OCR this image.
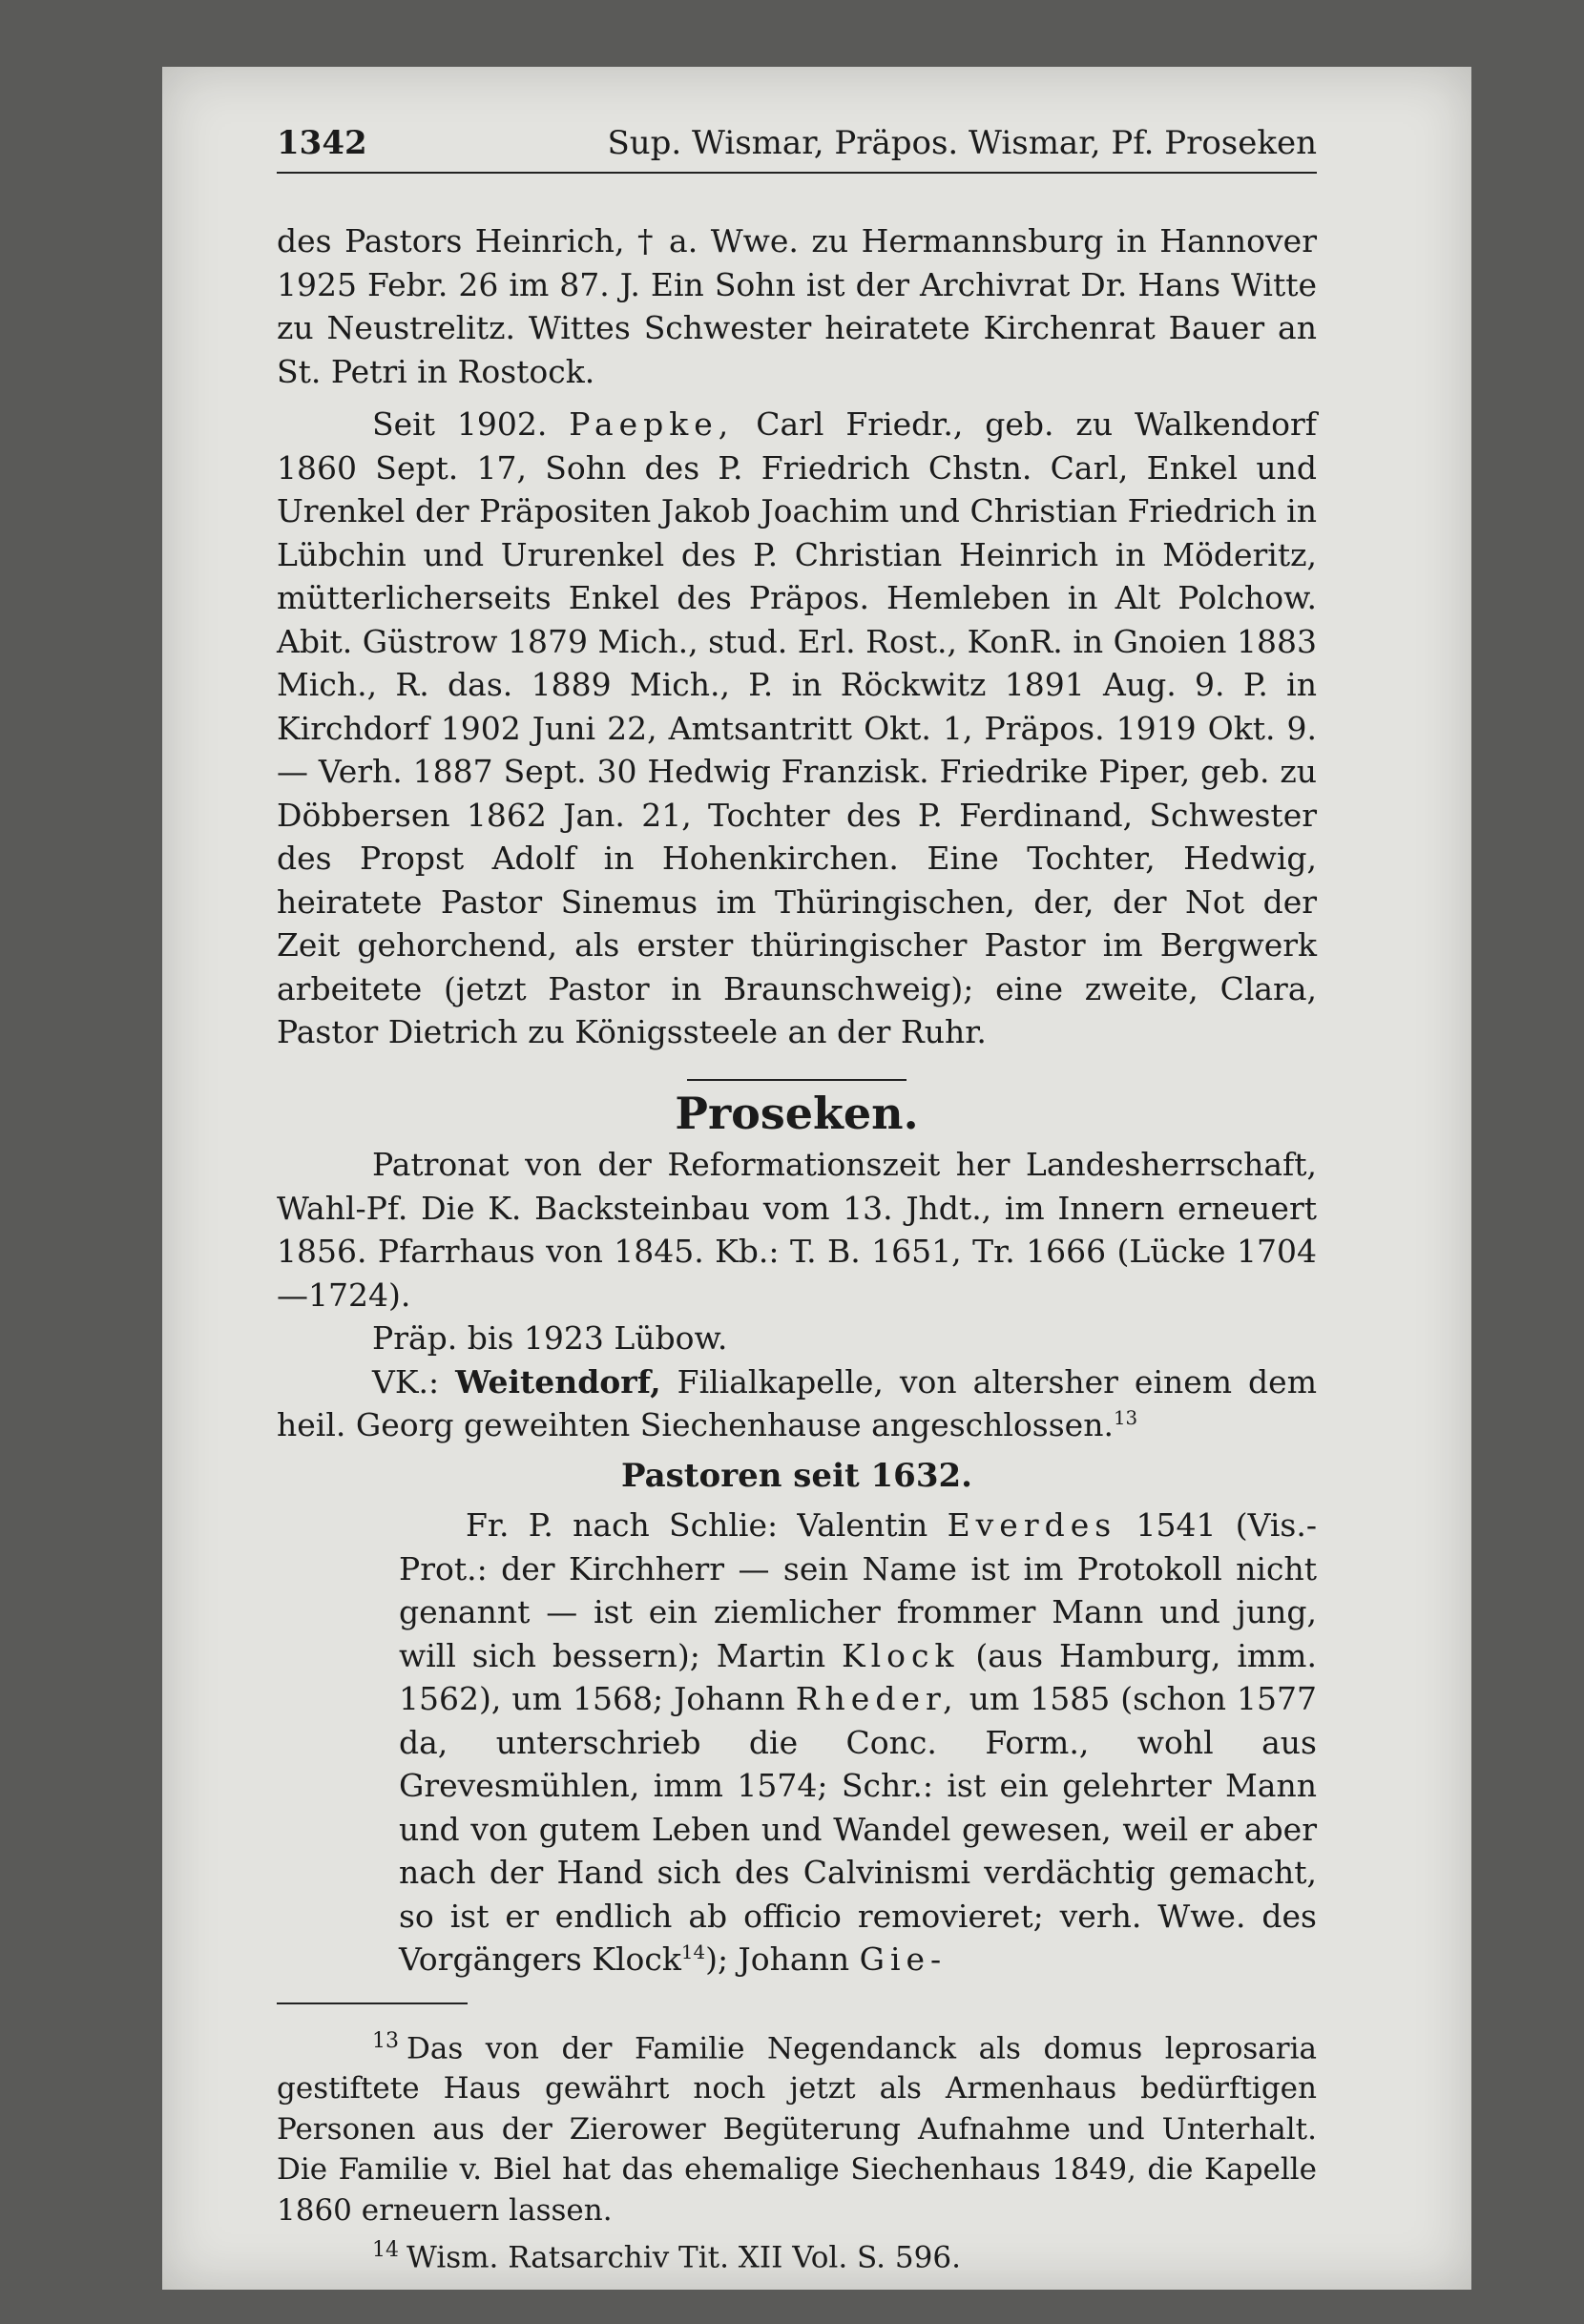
1342	Sup. Wismar, Präpos. Wismar, Pf. Proseken

des Pastors Heinrich, † a. Wwe. zu Hermannsburg in Hannover 1925 Febr. 26 im 87. J. Ein Sohn ist der Archivrat Dr. Hans Witte zu Neustrelitz. Wittes Schwester heiratete Kirchenrat Bauer an St. Petri in Rostock.

Seit 1902. Paepke, Carl Friedr., geb. zu Walkendorf 1860 Sept. 17, Sohn des P. Friedrich Chstn. Carl, Enkel und Urenkel der Präpositen Jakob Joachim und Christian Friedrich in Lübchin und Ururenkel des P. Christian Heinrich in Möderitz, mütterlicherseits Enkel des Präpos. Hemleben in Alt Polchow. Abit. Güstrow 1879 Mich., stud. Erl. Rost., KonR. in Gnoien 1883 Mich., R. das. 1889 Mich., P. in Röckwitz 1891 Aug. 9. P. in Kirchdorf 1902 Juni 22, Amtsantritt Okt. 1, Präpos. 1919 Okt. 9. — Verh. 1887 Sept. 30 Hedwig Franzisk. Friedrike Piper, geb. zu Döbbersen 1862 Jan. 21, Tochter des P. Ferdinand, Schwester des Propst Adolf in Hohenkirchen. Eine Tochter, Hedwig, heiratete Pastor Sinemus im Thüringischen, der, der Not der Zeit gehorchend, als erster thüringischer Pastor im Bergwerk arbeitete (jetzt Pastor in Braunschweig); eine zweite, Clara, Pastor Dietrich zu Königssteele an der Ruhr.

Proseken.

Patronat von der Reformationszeit her Landesherrschaft, Wahl-Pf. Die K. Backsteinbau vom 13. Jhdt., im Innern erneuert 1856. Pfarrhaus von 1845. Kb.: T. B. 1651, Tr. 1666 (Lücke 1704—1724).

Präp. bis 1923 Lübow.

VK.: Weitendorf, Filialkapelle, von altersher einem dem heil. Georg geweihten Siechenhause angeschlossen.$^{13}$

Pastoren seit 1632.

Fr. P. nach Schlie: Valentin Everdes 1541 (Vis.-Prot.: der Kirchherr — sein Name ist im Protokoll nicht genannt — ist ein ziemlicher frommer Mann und jung, will sich bessern); Martin Klock (aus Hamburg, imm. 1562), um 1568; Johann Rheder, um 1585 (schon 1577 da, unterschrieb die Conc. Form., wohl aus Grevesmühlen, imm 1574; Schr.: ist ein gelehrter Mann und von gutem Leben und Wandel gewesen, weil er aber nach der Hand sich des Calvinismi verdächtig gemacht, so ist er endlich ab officio removieret; verh. Wwe. des Vorgängers Klock$^{14}$); Johann Gie-

$^{13}$ Das von der Familie Negendanck als domus leprosaria gestiftete Haus gewährt noch jetzt als Armenhaus bedürftigen Personen aus der Zierower Begüterung Aufnahme und Unterhalt. Die Familie v. Biel hat das ehemalige Siechenhaus 1849, die Kapelle 1860 erneuern lassen.

$^{14}$ Wism. Ratsarchiv Tit. XII Vol. S. 596.
